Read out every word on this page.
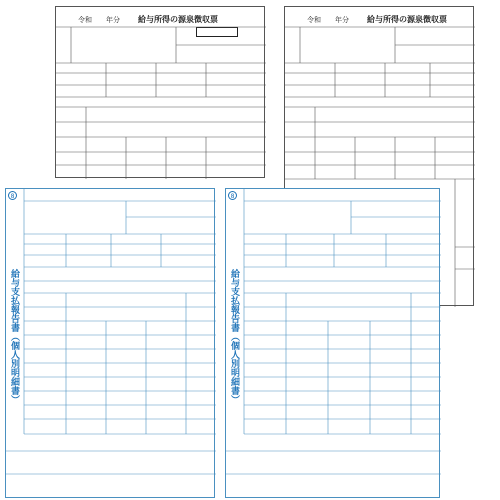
令和 年分 給与所得の源泉徴収票	令和 年分 給与所得の源泉徴収票
8
給与支払報告書（個人別明細書）
8
給与支払報告書（個人別明細書）
